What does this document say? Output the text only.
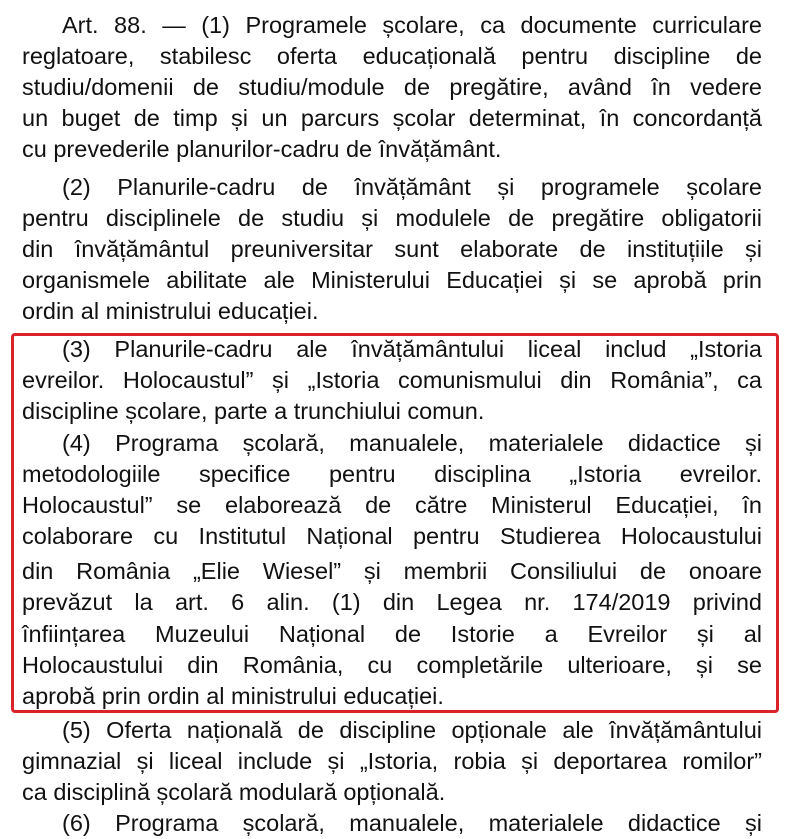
Art. 88. — (1) Programele școlare, ca documente curriculare
reglatoare, stabilesc oferta educațională pentru discipline de
studiu/domenii de studiu/module de pregătire, având în vedere
un buget de timp și un parcurs școlar determinat, în concordanță
cu prevederile planurilor-cadru de învățământ.
(2) Planurile-cadru de învățământ și programele școlare
pentru disciplinele de studiu și modulele de pregătire obligatorii
din învățământul preuniversitar sunt elaborate de instituțiile și
organismele abilitate ale Ministerului Educației și se aprobă prin
ordin al ministrului educației.
(3) Planurile-cadru ale învățământului liceal includ „Istoria
evreilor. Holocaustul” și „Istoria comunismului din România”, ca
discipline școlare, parte a trunchiului comun.
(4) Programa școlară, manualele, materialele didactice și
metodologiile specifice pentru disciplina „Istoria evreilor.
Holocaustul” se elaborează de către Ministerul Educației, în
colaborare cu Institutul Național pentru Studierea Holocaustului
din România „Elie Wiesel” și membrii Consiliului de onoare
prevăzut la art. 6 alin. (1) din Legea nr. 174/2019 privind
înființarea Muzeului Național de Istorie a Evreilor și al
Holocaustului din România, cu completările ulterioare, și se
aprobă prin ordin al ministrului educației.
(5) Oferta națională de discipline opționale ale învățământului
gimnazial și liceal include și „Istoria, robia și deportarea romilor”
ca disciplină școlară modulară opțională.
(6) Programa școlară, manualele, materialele didactice și
